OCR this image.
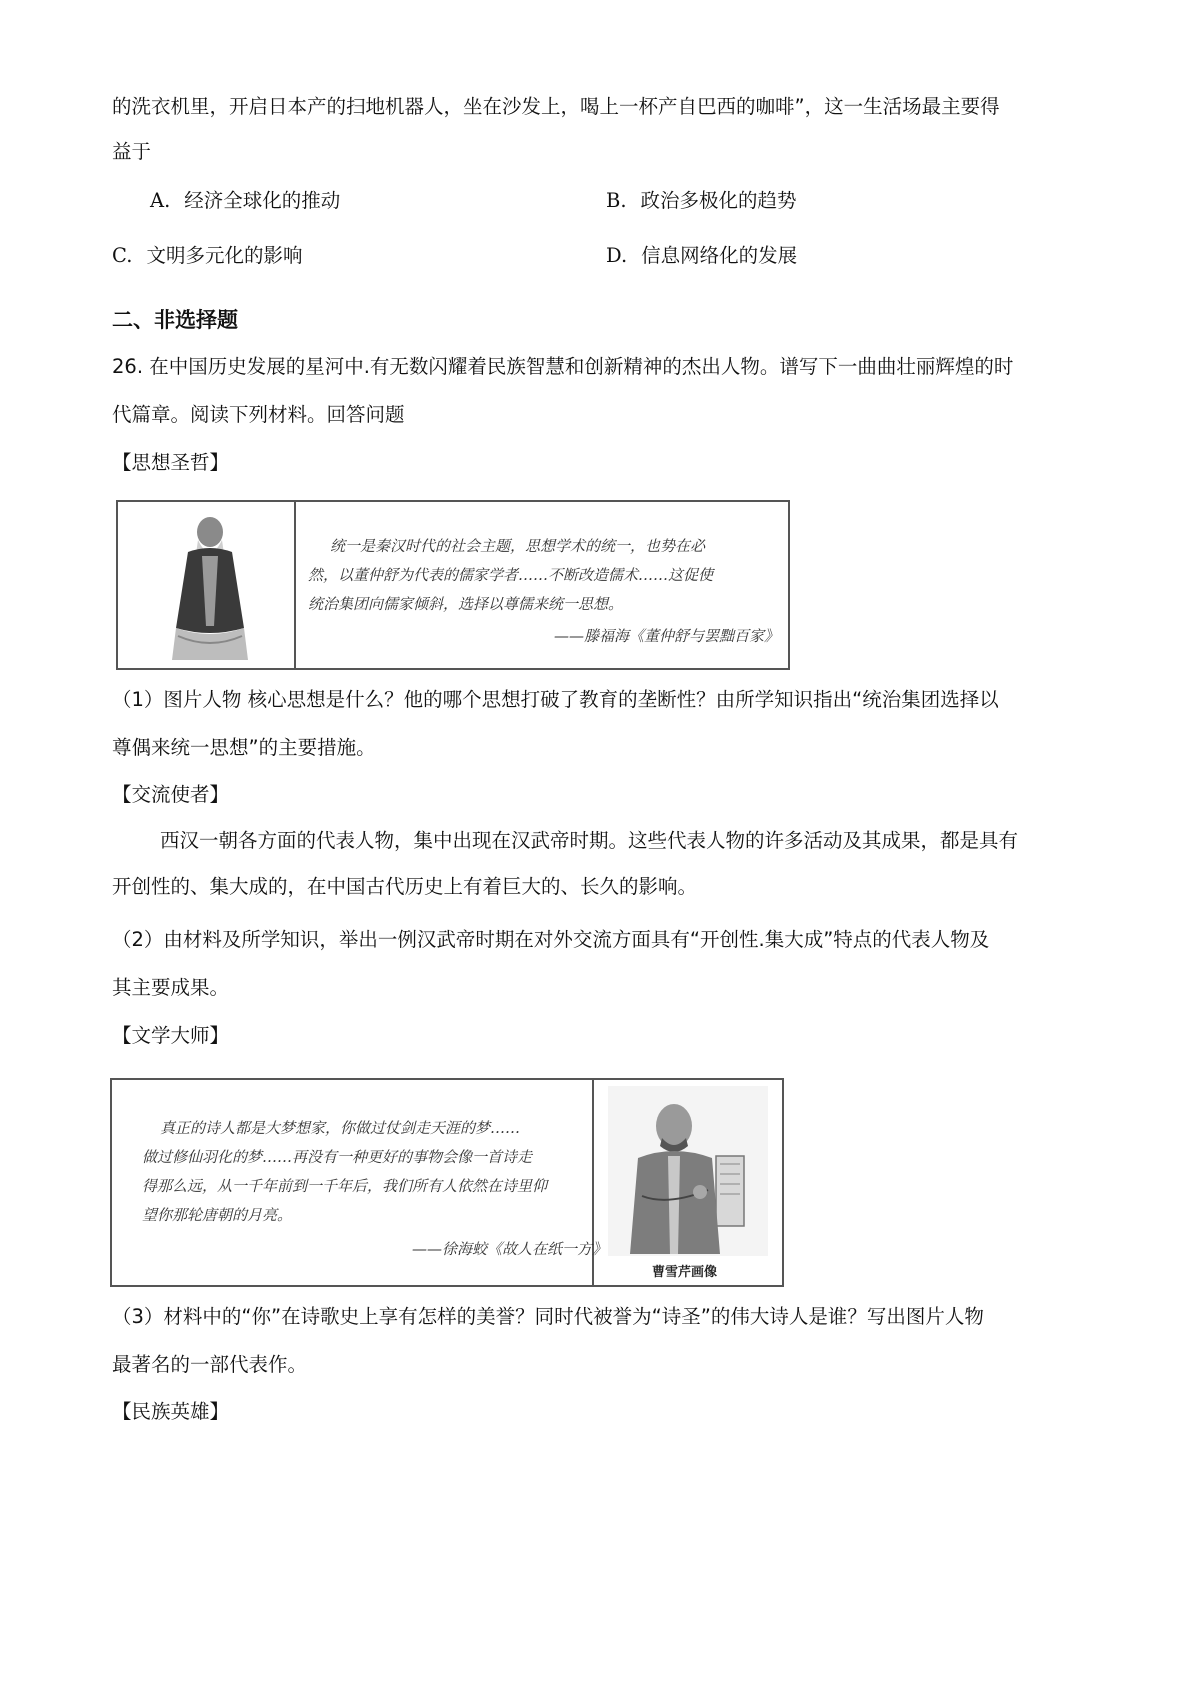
的洗衣机里，开启日本产的扫地机器人，坐在沙发上，喝上一杯产自巴西的咖啡”，这一生活场最主要得
益于
A. 经济全球化的推动	B. 政治多极化的趋势
C. 文明多元化的影响	D. 信息网络化的发展
二、非选择题
26. 在中国历史发展的星河中.有无数闪耀着民族智慧和创新精神的杰出人物。谱写下一曲曲壮丽辉煌的时
代篇章。阅读下列材料。回答问题
【思想圣哲】
统一是秦汉时代的社会主题，思想学术的统一，也势在必
然，以董仲舒为代表的儒家学者……不断改造儒术……这促使
统治集团向儒家倾斜，选择以尊儒来统一思想。
——滕福海《董仲舒与罢黜百家》
（1）图片人物 核心思想是什么？他的哪个思想打破了教育的垄断性？由所学知识指出“统治集团选择以
尊偶来统一思想”的主要措施。
【交流使者】
西汉一朝各方面的代表人物，集中出现在汉武帝时期。这些代表人物的许多活动及其成果，都是具有
开创性的、集大成的，在中国古代历史上有着巨大的、长久的影响。
（2）由材料及所学知识，举出一例汉武帝时期在对外交流方面具有“开创性.集大成”特点的代表人物及
其主要成果。
【文学大师】
真正的诗人都是大梦想家，你做过仗剑走天涯的梦……
做过修仙羽化的梦……再没有一种更好的事物会像一首诗走
得那么远，从一千年前到一千年后，我们所有人依然在诗里仰
望你那轮唐朝的月亮。
——徐海蛟《故人在纸一方》
曹雪芹画像
（3）材料中的“你”在诗歌史上享有怎样的美誉？同时代被誉为“诗圣”的伟大诗人是谁？写出图片人物
最著名的一部代表作。
【民族英雄】
